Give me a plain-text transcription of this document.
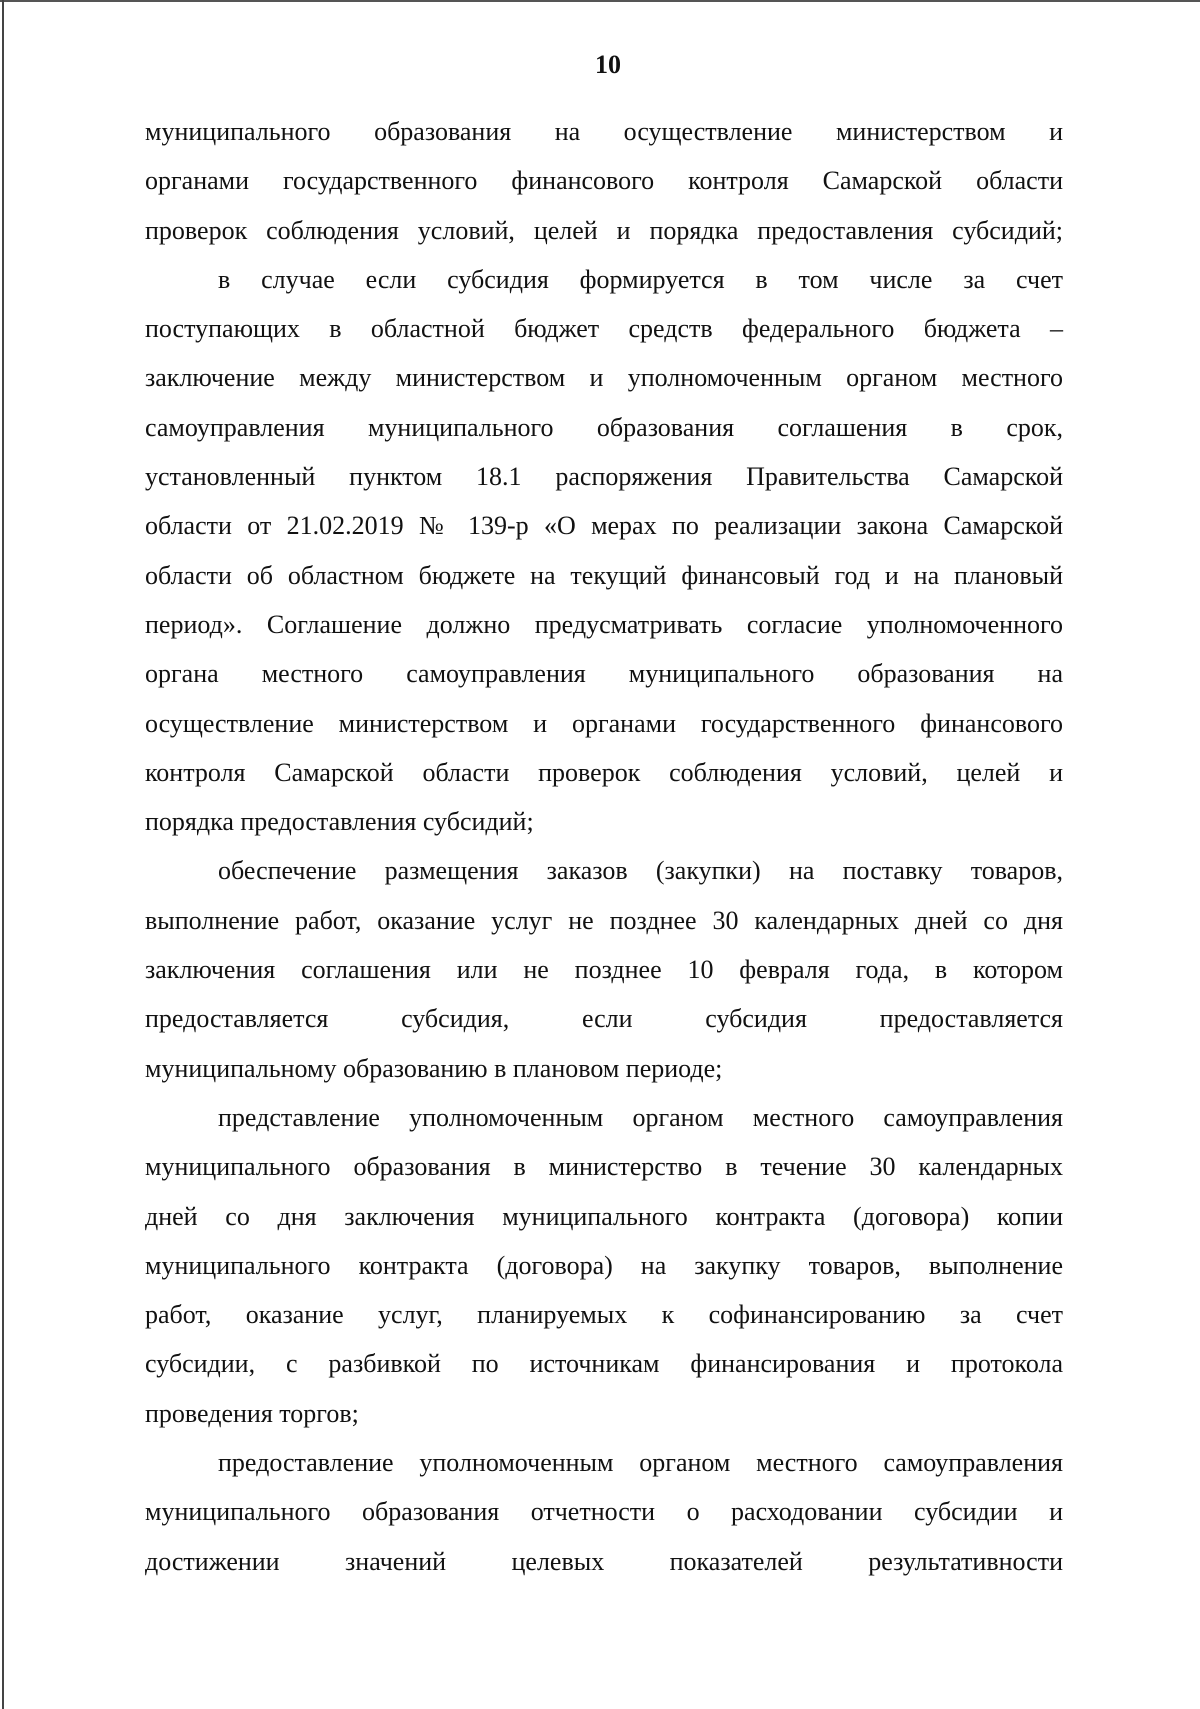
10
муниципального образования на осуществление министерством и
органами государственного финансового контроля Самарской области
проверок соблюдения условий, целей и порядка предоставления субсидий;
в случае если субсидия формируется в том числе за счет
поступающих в областной бюджет средств федерального бюджета –
заключение между министерством и уполномоченным органом местного
самоуправления муниципального образования соглашения в срок,
установленный пунктом 18.1 распоряжения Правительства Самарской
области от 21.02.2019 № 139-р «О мерах по реализации закона Самарской
области об областном бюджете на текущий финансовый год и на плановый
период». Соглашение должно предусматривать согласие уполномоченного
органа местного самоуправления муниципального образования на
осуществление министерством и органами государственного финансового
контроля Самарской области проверок соблюдения условий, целей и
порядка предоставления субсидий;
обеспечение размещения заказов (закупки) на поставку товаров,
выполнение работ, оказание услуг не позднее 30 календарных дней со дня
заключения соглашения или не позднее 10 февраля года, в котором
предоставляется субсидия, если субсидия предоставляется
муниципальному образованию в плановом периоде;
представление уполномоченным органом местного самоуправления
муниципального образования в министерство в течение 30 календарных
дней со дня заключения муниципального контракта (договора) копии
муниципального контракта (договора) на закупку товаров, выполнение
работ, оказание услуг, планируемых к софинансированию за счет
субсидии, с разбивкой по источникам финансирования и протокола
проведения торгов;
предоставление уполномоченным органом местного самоуправления
муниципального образования отчетности о расходовании субсидии и
достижении значений целевых показателей результативности
